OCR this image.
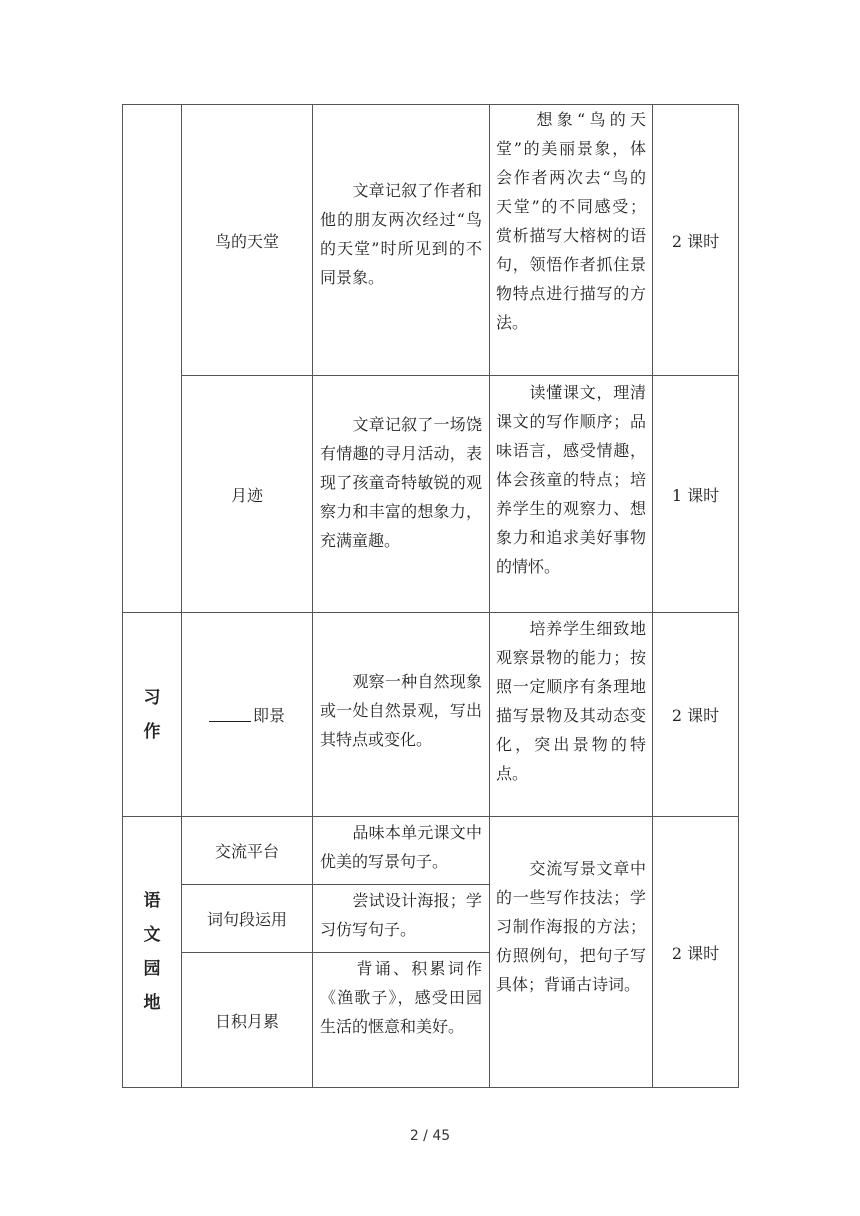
鸟的天堂
　　文章记叙了作者和他的朋友两次经过“鸟的天堂”时所见到的不同景象。
　　想象“鸟的天堂”的美丽景象，体会作者两次去“鸟的天堂”的不同感受；赏析描写大榕树的语句，领悟作者抓住景物特点进行描写的方法。
2 课时
月迹
　　文章记叙了一场饶有情趣的寻月活动，表现了孩童奇特敏锐的观察力和丰富的想象力，充满童趣。
　　读懂课文，理清课文的写作顺序；品味语言，感受情趣，体会孩童的特点；培养学生的观察力、想象力和追求美好事物的情怀。
1 课时
习
作
即景
　　观察一种自然现象或一处自然景观，写出其特点或变化。
　　培养学生细致地观察景物的能力；按照一定顺序有条理地描写景物及其动态变化，突出景物的特点。
2 课时
语
文
园
地
交流平台
　　品味本单元课文中优美的写景句子。
词句段运用
　　尝试设计海报；学习仿写句子。
日积月累
　　背诵、积累词作《渔歌子》，感受田园生活的惬意和美好。
　　交流写景文章中的一些写作技法；学习制作海报的方法；仿照例句，把句子写具体；背诵古诗词。
2 课时
2 / 45
